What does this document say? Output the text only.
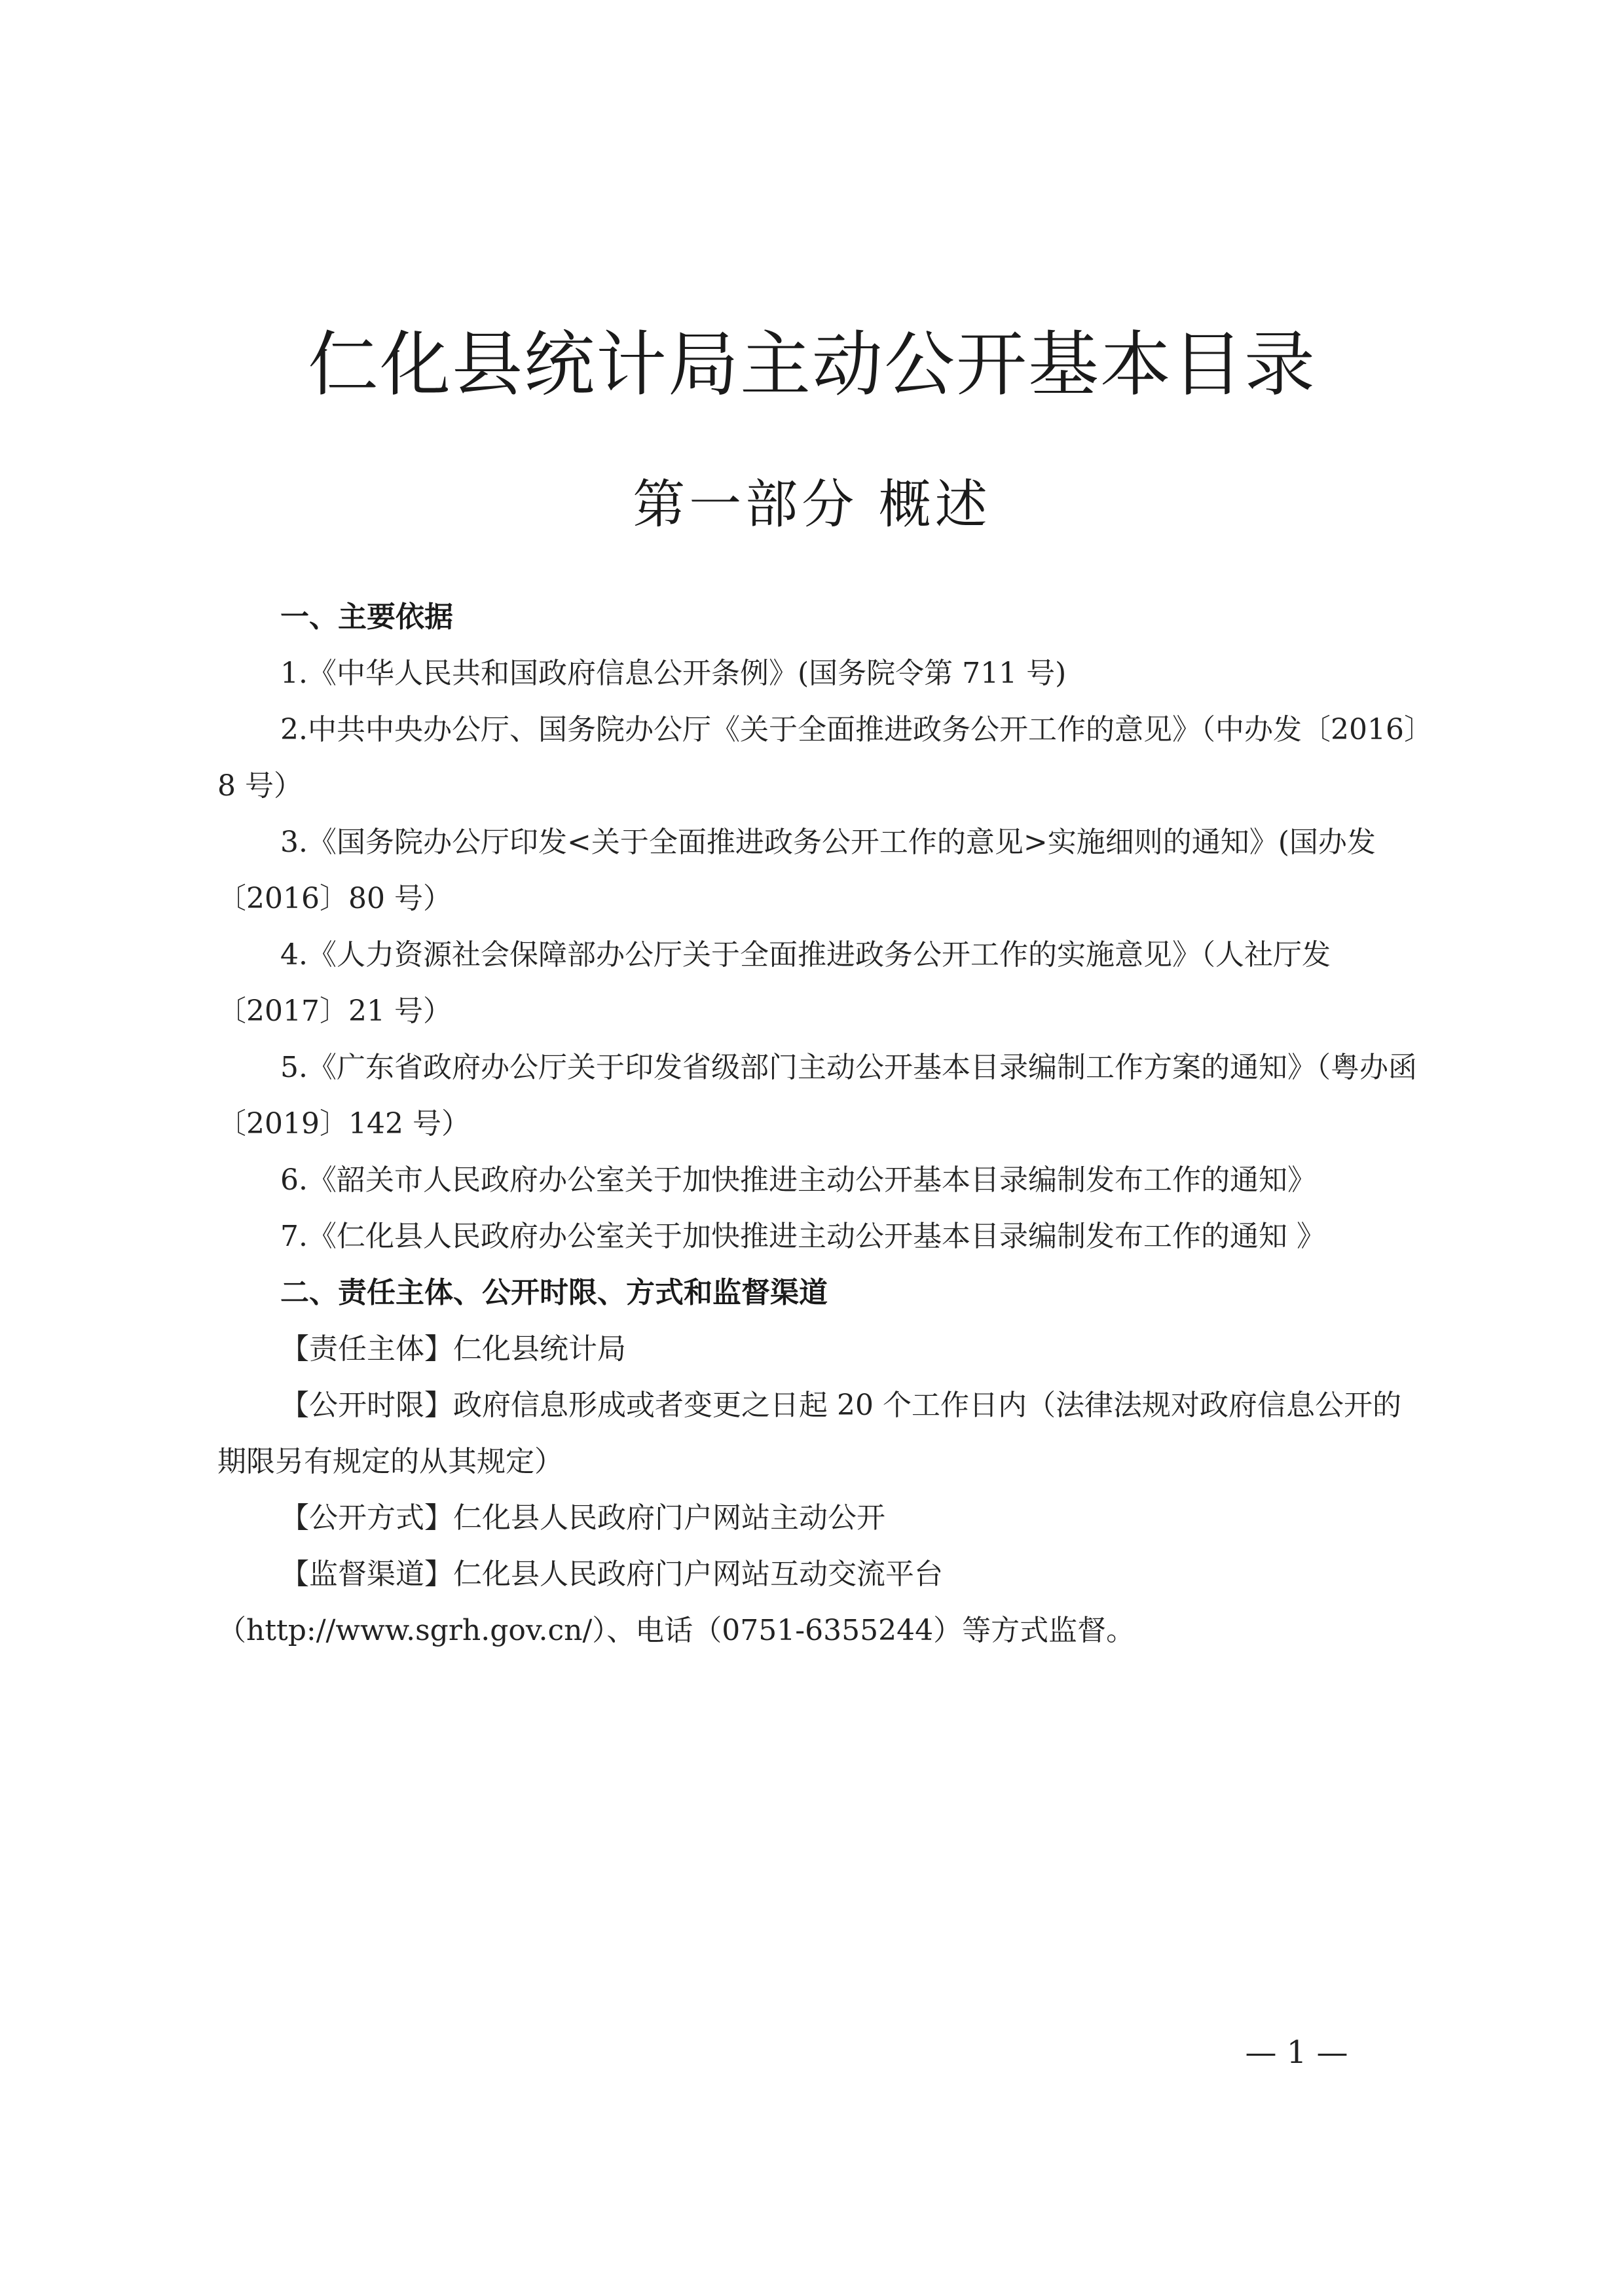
仁化县统计局主动公开基本目录
第一部分 概述
一、主要依据

1.《中华人民共和国政府信息公开条例》(国务院令第 711 号)

2.中共中央办公厅、国务院办公厅《关于全面推进政务公开工作的意见》（中办发〔2016〕8 号）

3.《国务院办公厅印发<关于全面推进政务公开工作的意见>实施细则的通知》(国办发〔2016〕80 号）

4.《人力资源社会保障部办公厅关于全面推进政务公开工作的实施意见》（人社厅发〔2017〕21 号）

5.《广东省政府办公厅关于印发省级部门主动公开基本目录编制工作方案的通知》（粤办函〔2019〕142 号）

6.《韶关市人民政府办公室关于加快推进主动公开基本目录编制发布工作的通知》

7.《仁化县人民政府办公室关于加快推进主动公开基本目录编制发布工作的通知 》

二、责任主体、公开时限、方式和监督渠道

【责任主体】仁化县统计局

【公开时限】政府信息形成或者变更之日起 20 个工作日内（法律法规对政府信息公开的期限另有规定的从其规定）

【公开方式】仁化县人民政府门户网站主动公开

【监督渠道】仁化县人民政府门户网站互动交流平台

（http://www.sgrh.gov.cn/）、电话（0751-6355244）等方式监督。

— 1 —
